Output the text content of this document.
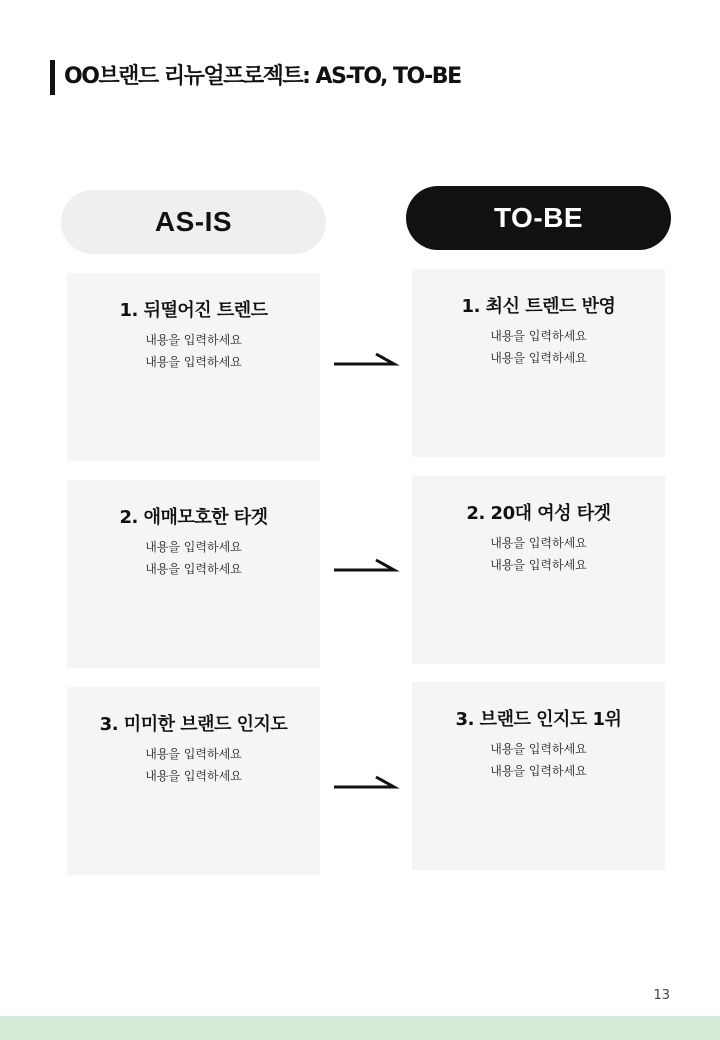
OO브랜드 리뉴얼프로젝트: AS-TO, TO-BE
AS-IS	TO-BE
1. 뒤떨어진 트렌드
내용을 입력하세요
내용을 입력하세요
1. 최신 트렌드 반영
내용을 입력하세요
내용을 입력하세요
2. 애매모호한 타겟
내용을 입력하세요
내용을 입력하세요
2. 20대 여성 타겟
내용을 입력하세요
내용을 입력하세요
3. 미미한 브랜드 인지도
내용을 입력하세요
내용을 입력하세요
3. 브랜드 인지도 1위
내용을 입력하세요
내용을 입력하세요
13
